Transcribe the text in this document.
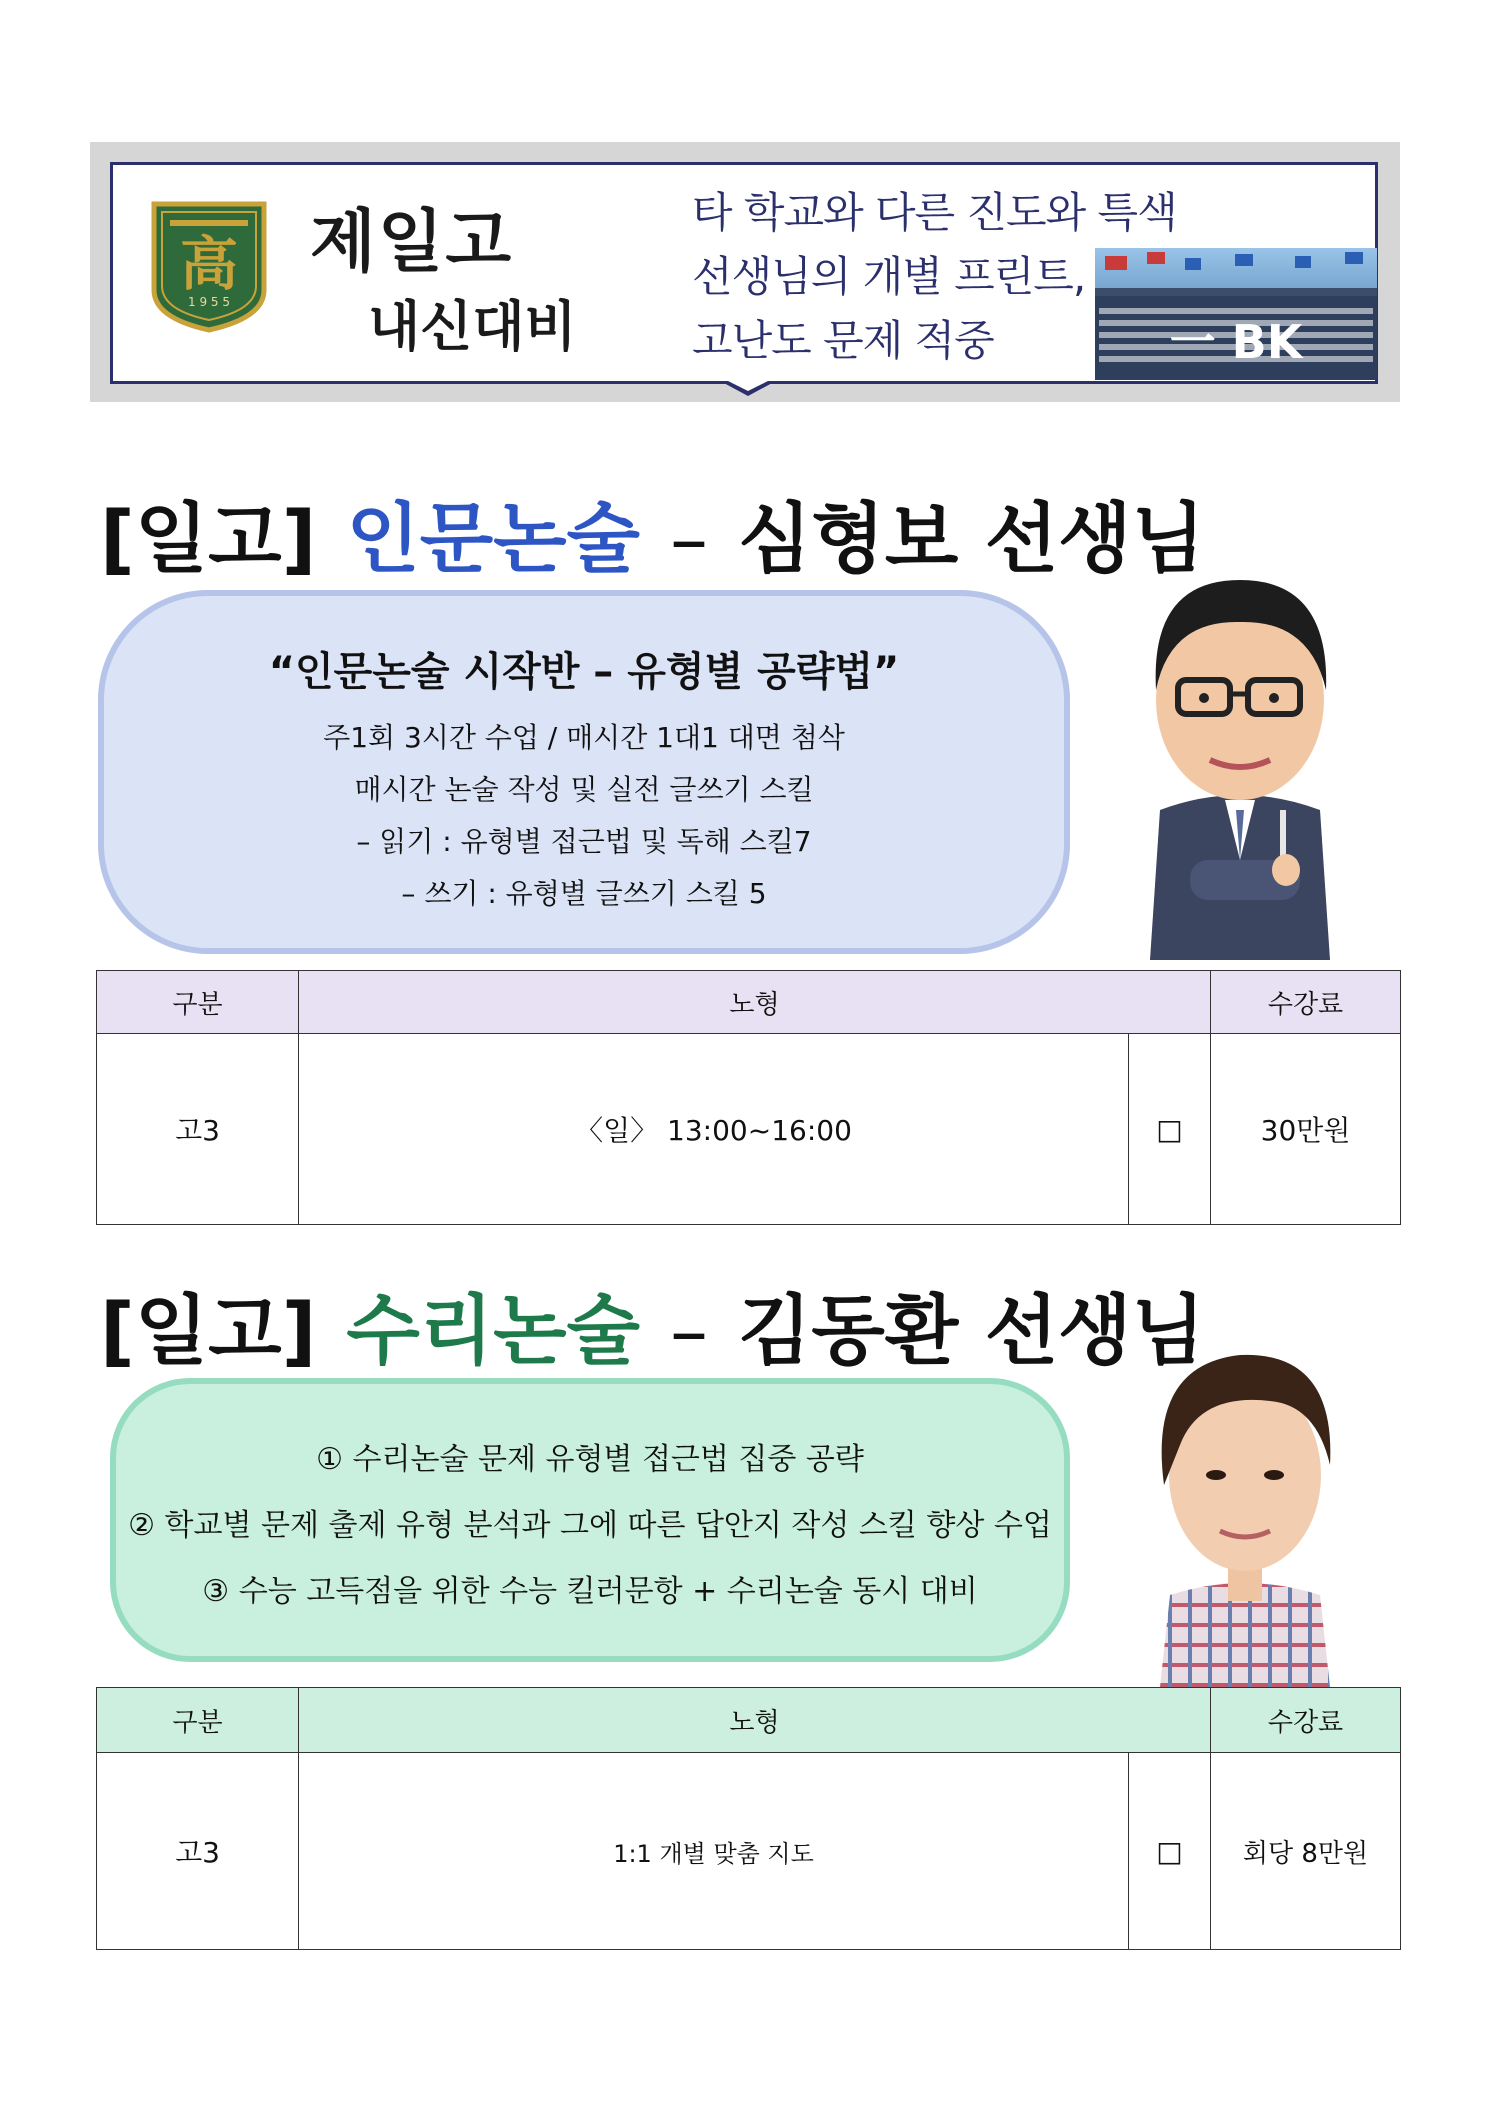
高
1 9 5 5
제일고
내신대비
타 학교와 다른 진도와 특색
선생님의 개별 프린트,
고난도 문제 적중	一 BK
[일고] 인문논술 – 심형보 선생님
“인문논술 시작반 – 유형별 공략법”
주1회 3시간 수업 / 매시간 1대1 대면 첨삭
매시간 논술 작성 및 실전 글쓰기 스킬
– 읽기 : 유형별 접근법 및 독해 스킬7
– 쓰기 : 유형별 글쓰기 스킬 5
구분	노형		수강료
고3	〈일〉 13:00~16:00	□	30만원
[일고] 수리논술 – 김동환 선생님
① 수리논술 문제 유형별 접근법 집중 공략
② 학교별 문제 출제 유형 분석과 그에 따른 답안지 작성 스킬 향상 수업
③ 수능 고득점을 위한 수능 킬러문항 + 수리논술 동시 대비
구분	노형		수강료
고3	1:1 개별 맞춤 지도	□	회당 8만원
